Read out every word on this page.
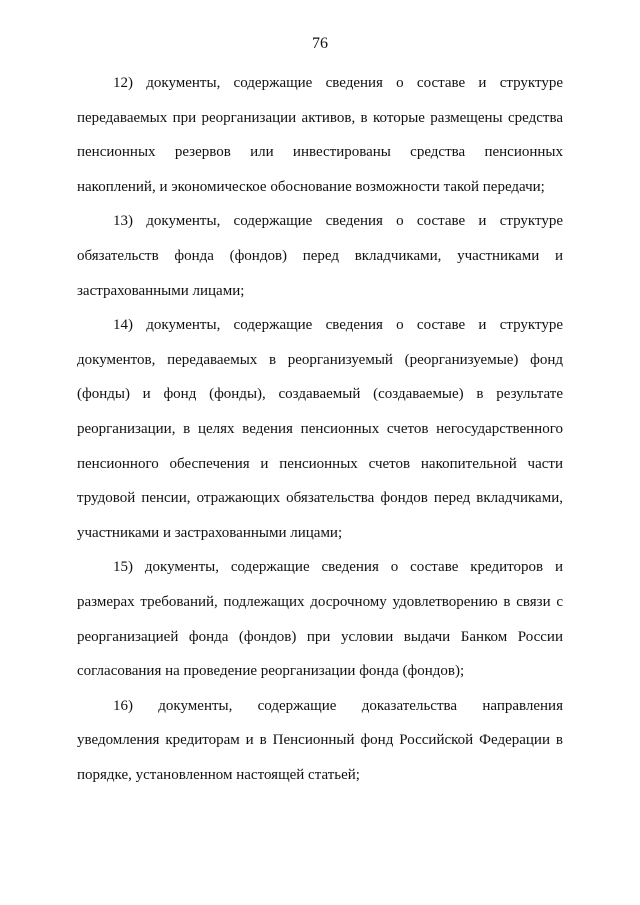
76
12) документы, содержащие сведения о составе и структуре
передаваемых при реорганизации активов, в которые размещены средства
пенсионных резервов или инвестированы средства пенсионных
накоплений, и экономическое обоснование возможности такой передачи;
13) документы, содержащие сведения о составе и структуре
обязательств фонда (фондов) перед вкладчиками, участниками и
застрахованными лицами;
14) документы, содержащие сведения о составе и структуре
документов, передаваемых в реорганизуемый (реорганизуемые) фонд
(фонды) и фонд (фонды), создаваемый (создаваемые) в результате
реорганизации, в целях ведения пенсионных счетов негосударственного
пенсионного обеспечения и пенсионных счетов накопительной части
трудовой пенсии, отражающих обязательства фондов перед вкладчиками,
участниками и застрахованными лицами;
15) документы, содержащие сведения о составе кредиторов и
размерах требований, подлежащих досрочному удовлетворению в связи с
реорганизацией фонда (фондов) при условии выдачи Банком России
согласования на проведение реорганизации фонда (фондов);
16) документы, содержащие доказательства направления
уведомления кредиторам и в Пенсионный фонд Российской Федерации в
порядке, установленном настоящей статьей;
